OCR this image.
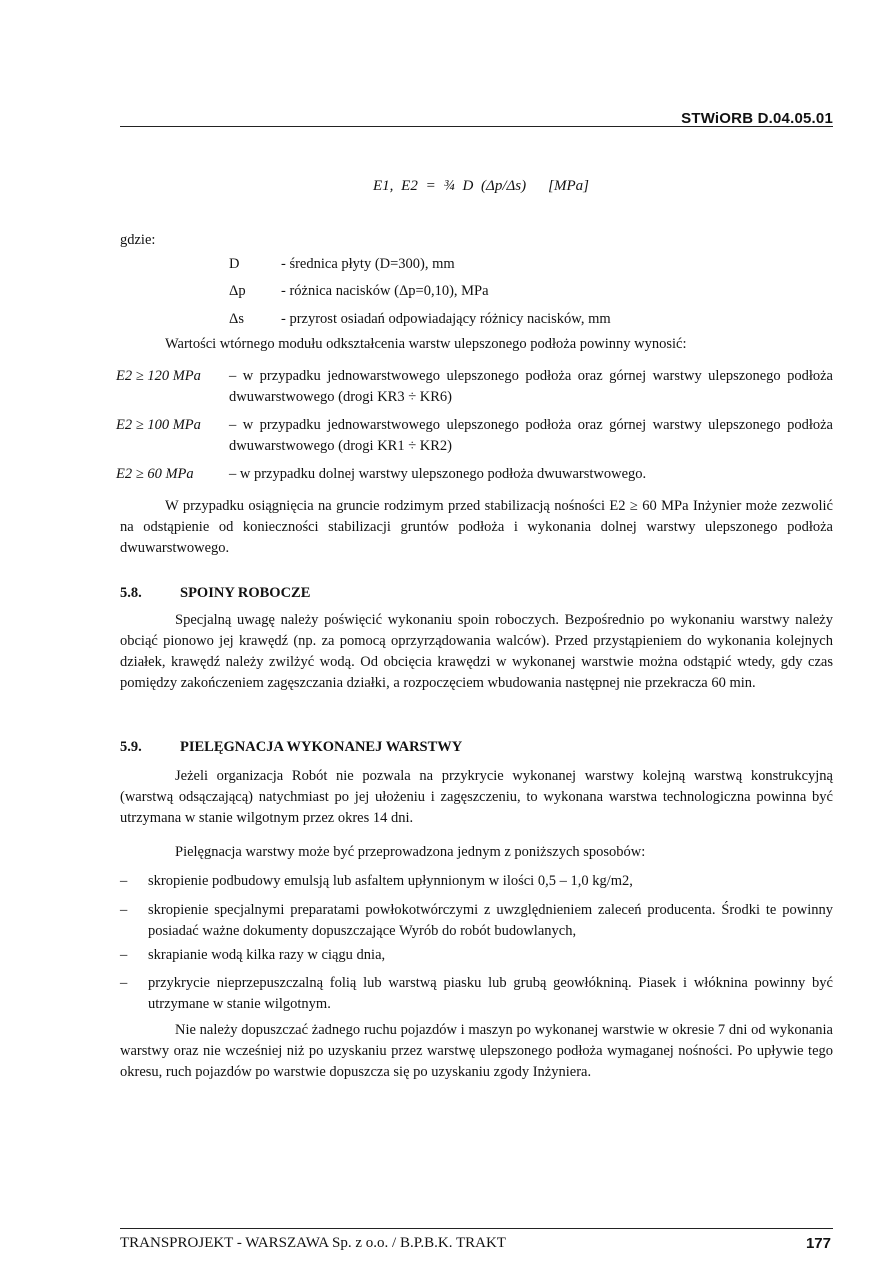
STWiORB D.04.05.01
E1, E2 = ¾ D (Δp/Δs) [MPa]
gdzie:
D	- średnica płyty (D=300), mm
Δp - różnica nacisków (Δp=0,10), MPa
Δs	- przyrost osiadań odpowiadający różnicy nacisków, mm
Wartości wtórnego modułu odkształcenia warstw ulepszonego podłoża powinny wynosić:
E2 ≥ 120 MPa – w przypadku jednowarstwowego ulepszonego podłoża oraz górnej warstwy ulepszonego podłoża dwuwarstwowego (drogi KR3 ÷ KR6)
E2 ≥ 100 MPa – w przypadku jednowarstwowego ulepszonego podłoża oraz górnej warstwy ulepszonego podłoża dwuwarstwowego (drogi KR1 ÷ KR2)
E2 ≥ 60 MPa – w przypadku dolnej warstwy ulepszonego podłoża dwuwarstwowego.
W przypadku osiągnięcia na gruncie rodzimym przed stabilizacją nośności E2 ≥ 60 MPa Inżynier może zezwolić na odstąpienie od konieczności stabilizacji gruntów podłoża i wykonania dolnej warstwy ulepszonego podłoża dwuwarstwowego.
5.8.	SPOINY ROBOCZE
Specjalną uwagę należy poświęcić wykonaniu spoin roboczych. Bezpośrednio po wykonaniu warstwy należy obciąć pionowo jej krawędź (np. za pomocą oprzyrządowania walców). Przed przystąpieniem do wykonania kolejnych działek, krawędź należy zwilżyć wodą. Od obcięcia krawędzi w wykonanej warstwie można odstąpić wtedy, gdy czas pomiędzy zakończeniem zagęszczania działki, a rozpoczęciem wbudowania następnej nie przekracza 60 min.
5.9.	PIELĘGNACJA WYKONANEJ WARSTWY
Jeżeli organizacja Robót nie pozwala na przykrycie wykonanej warstwy kolejną warstwą konstrukcyjną (warstwą odsączającą) natychmiast po jej ułożeniu i zagęszczeniu, to wykonana warstwa technologiczna powinna być utrzymana w stanie wilgotnym przez okres 14 dni.
Pielęgnacja warstwy może być przeprowadzona jednym z poniższych sposobów:
– skropienie podbudowy emulsją lub asfaltem upłynnionym w ilości 0,5 – 1,0 kg/m2,
– skropienie specjalnymi preparatami powłokotwórczymi z uwzględnieniem zaleceń producenta. Środki te powinny posiadać ważne dokumenty dopuszczające Wyrób do robót budowlanych,
– skrapianie wodą kilka razy w ciągu dnia,
– przykrycie nieprzepuszczalną folią lub warstwą piasku lub grubą geowłókniną. Piasek i włóknina powinny być utrzymane w stanie wilgotnym.
Nie należy dopuszczać żadnego ruchu pojazdów i maszyn po wykonanej warstwie w okresie 7 dni od wykonania warstwy oraz nie wcześniej niż po uzyskaniu przez warstwę ulepszonego podłoża wymaganej nośności. Po upływie tego okresu, ruch pojazdów po warstwie dopuszcza się po uzyskaniu zgody Inżyniera.
TRANSPROJEKT - WARSZAWA Sp. z o.o. / B.P.B.K. TRAKT	177
